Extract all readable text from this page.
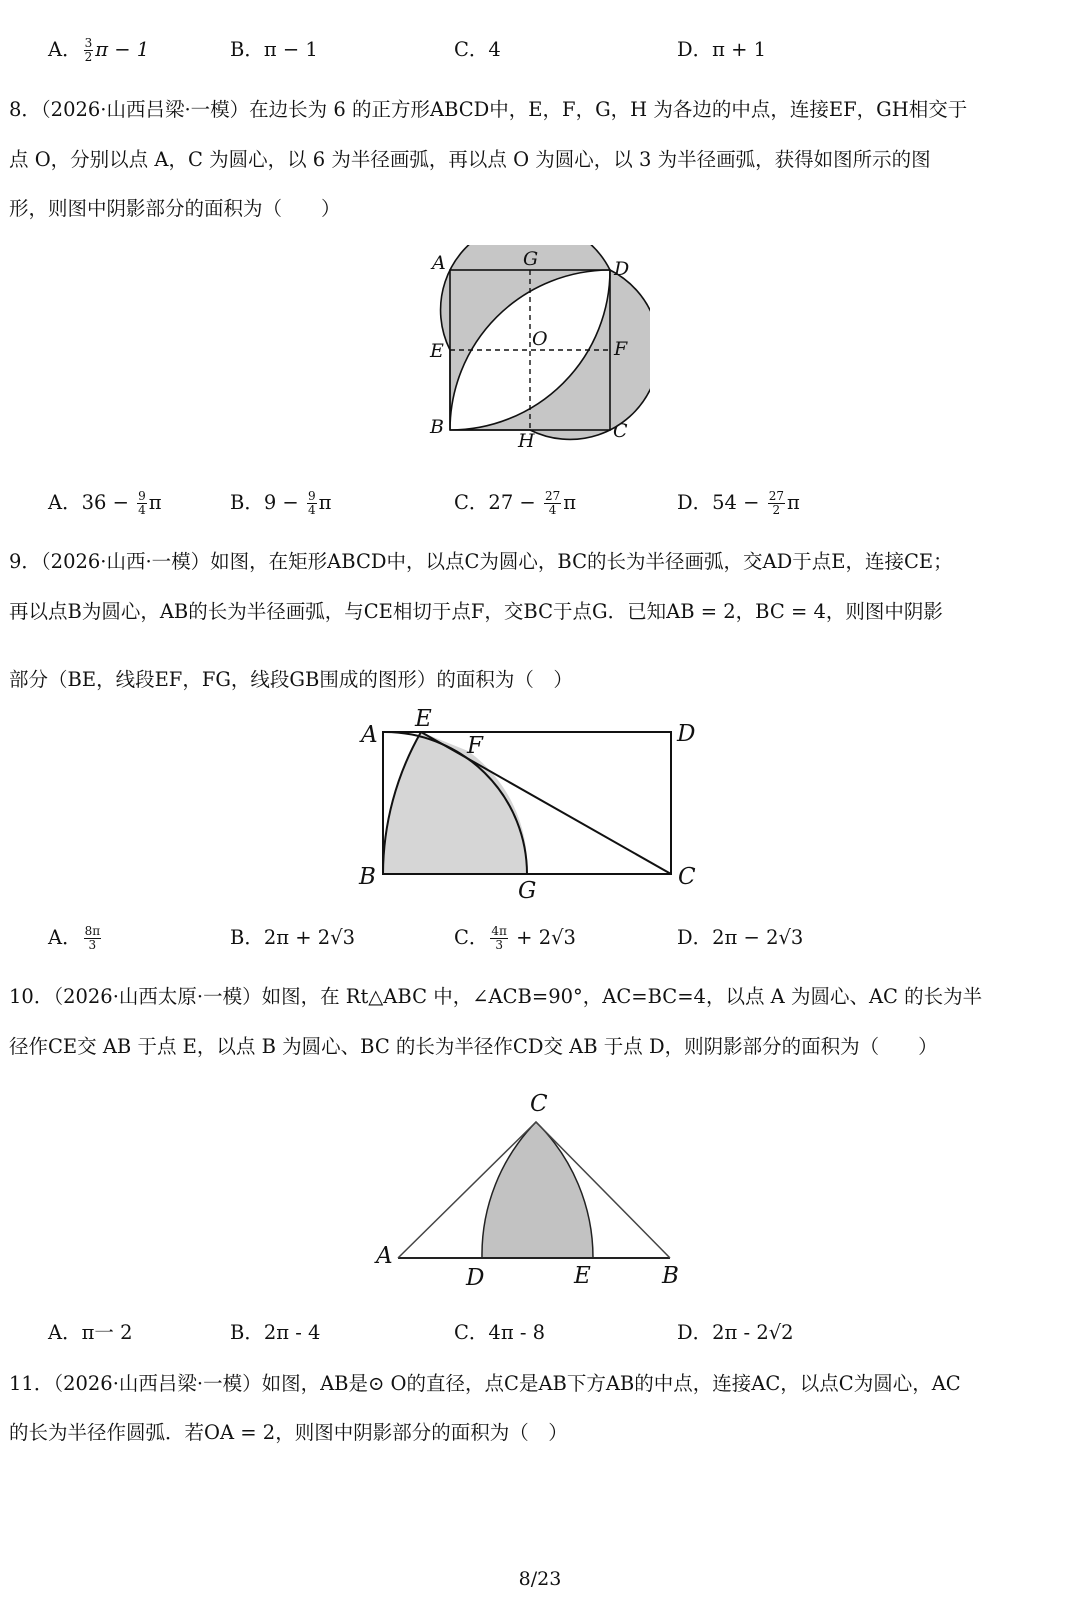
A． $\frac{3}{2}$ π − 1	B．π − 1	C．4	D．π + 1
8．（2026·山西吕梁·一模）在边长为 6 的正方形ABCD中，E，F，G，H 为各边的中点，连接EF，GH相交于
点 O，分别以点 A，C 为圆心，以 6 为半径画弧，再以点 O 为圆心，以 3 为半径画弧，获得如图所示的图
形，则图中阴影部分的面积为（　　）
A	G	D
E
O	F
B
H	C
A．$36 - \frac{9}{4}$ π	B．$9 - \frac{9}{4}$ π	C．$27 - \frac{27}{4}$ π	D．$54 - \frac{27}{2}$ π
9．（2026·山西·一模）如图，在矩形ABCD中，以点C为圆心，BC的长为半径画弧，交AD于点E，连接CE；
再以点B为圆心，AB的长为半径画弧，与CE相切于点F，交BC于点G．已知AB = 2，BC = 4，则图中阴影
部分（BE，线段EF，FG，线段GB围成的图形）的面积为（　）
A
E
F	D
B
G
C
A． $\frac{8\pi}{3}$	B．2π + 2√3	C． $\frac{4\pi}{3} + 2√3$	D．2π − 2√3
10．（2026·山西太原·一模）如图，在 Rt△ABC 中，∠ACB=90°，AC=BC=4，以点 A 为圆心、AC 的长为半
径作CE交 AB 于点 E，以点 B 为圆心、BC 的长为半径作CD交 AB 于点 D，则阴影部分的面积为（　　）
C
A
D	E	B
A．π一 2	B．2π ‑ 4	C．4π ‑ 8	D．2π ‑ 2√2
11．（2026·山西吕梁·一模）如图，AB是⊙ O的直径，点C是AB下方AB的中点，连接AC，以点C为圆心，AC
的长为半径作圆弧．若OA = 2，则图中阴影部分的面积为（　）
8/23
